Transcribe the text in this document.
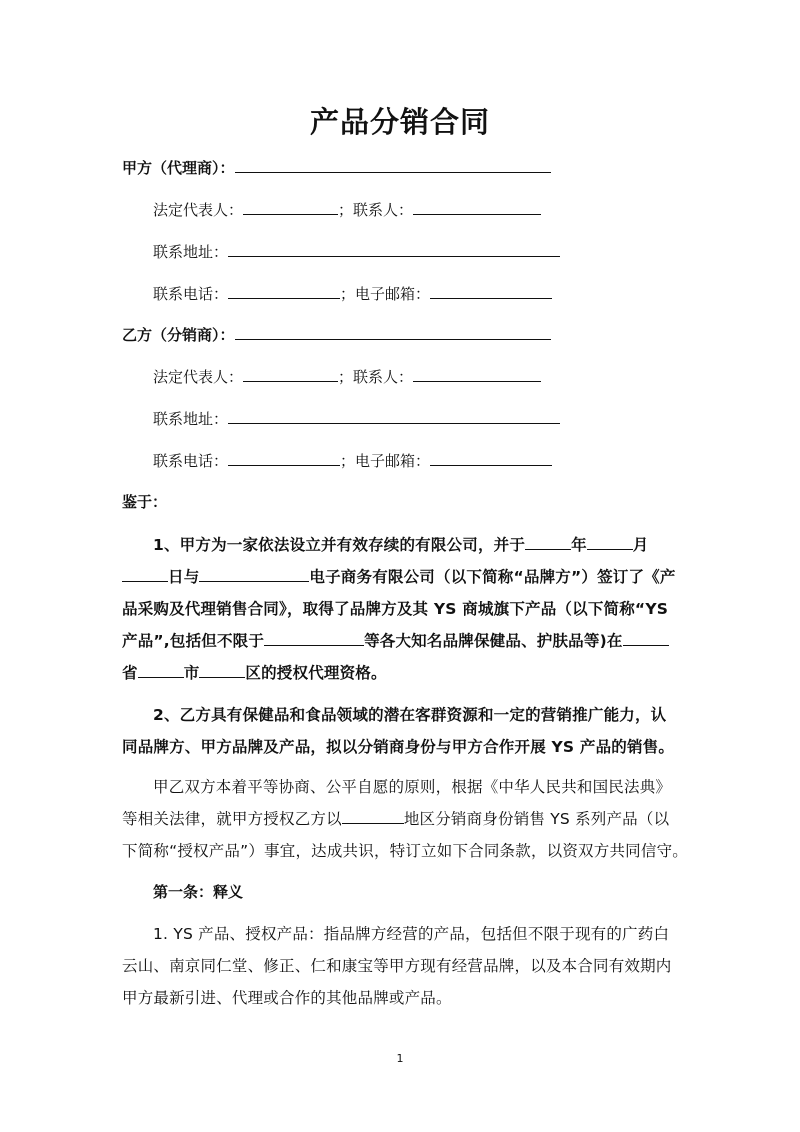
产品分销合同
甲方（代理商）：
法定代表人：	；联系人：
联系地址：
联系电话：	；电子邮箱：
乙方（分销商）：
法定代表人：	；联系人：
联系地址：
联系电话：	；电子邮箱：
鉴于：
1、甲方为一家依法设立并有效存续的有限公司，并于	年	月
日与	电子商务有限公司（以下简称“品牌方”）签订了《产
品采购及代理销售合同》，取得了品牌方及其 YS 商城旗下产品（以下简称“YS
产品”,包括但不限于	等各大知名品牌保健品、护肤品等)在
省	市	区的授权代理资格。
2、乙方具有保健品和食品领域的潜在客群资源和一定的营销推广能力，认
同品牌方、甲方品牌及产品，拟以分销商身份与甲方合作开展 YS 产品的销售。
甲乙双方本着平等协商、公平自愿的原则，根据《中华人民共和国民法典》
等相关法律，就甲方授权乙方以	地区分销商身份销售 YS 系列产品（以
下简称“授权产品”）事宜，达成共识，特订立如下合同条款，以资双方共同信守。
第一条：释义
1. YS 产品、授权产品：指品牌方经营的产品，包括但不限于现有的广药白
云山、南京同仁堂、修正、仁和康宝等甲方现有经营品牌，以及本合同有效期内
甲方最新引进、代理或合作的其他品牌或产品。
1
